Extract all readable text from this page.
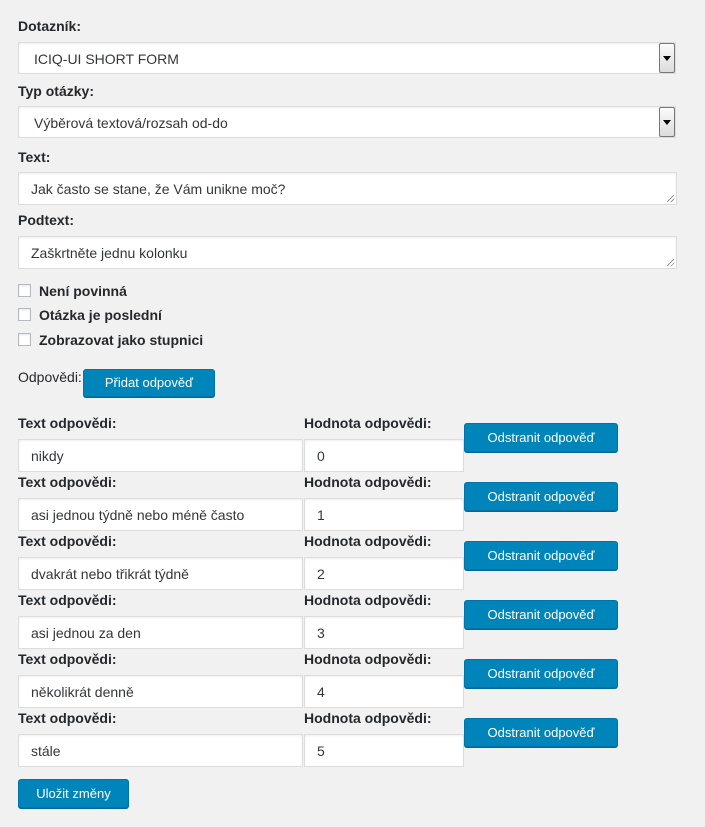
Dotazník:
ICIQ-UI SHORT FORM
Typ otázky:
Výběrová textová/rozsah od-do
Text:
Jak často se stane, že Vám unikne moč?
Podtext:
Zaškrtněte jednu kolonku
Není povinná
Otázka je poslední
Zobrazovat jako stupnici
Odpovědi:	Přidat odpověď
Text odpovědi:	Hodnota odpovědi:
nikdy	0
Odstranit odpověď
Text odpovědi:	Hodnota odpovědi:
asi jednou týdně nebo méně často	1
Odstranit odpověď
Text odpovědi:	Hodnota odpovědi:
dvakrát nebo třikrát týdně	2
Odstranit odpověď
Text odpovědi:	Hodnota odpovědi:
asi jednou za den	3
Odstranit odpověď
Text odpovědi:	Hodnota odpovědi:
několikrát denně	4
Odstranit odpověď
Text odpovědi:	Hodnota odpovědi:
stále	5
Odstranit odpověď
Uložit změny
